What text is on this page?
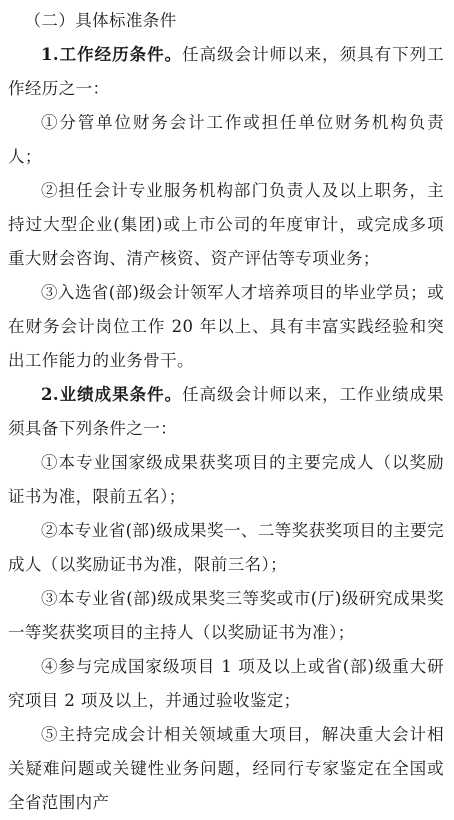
（二）具体标准条件

1.工作经历条件。任高级会计师以来，须具有下列工作经历之一：

①分管单位财务会计工作或担任单位财务机构负责人；

②担任会计专业服务机构部门负责人及以上职务，主持过大型企业(集团)或上市公司的年度审计，或完成多项重大财会咨询、清产核资、资产评估等专项业务；

③入选省(部)级会计领军人才培养项目的毕业学员；或在财务会计岗位工作 20 年以上、具有丰富实践经验和突出工作能力的业务骨干。

2.业绩成果条件。任高级会计师以来，工作业绩成果须具备下列条件之一：

①本专业国家级成果获奖项目的主要完成人（以奖励证书为准，限前五名）；

②本专业省(部)级成果奖一、二等奖获奖项目的主要完成人（以奖励证书为准，限前三名）；

③本专业省(部)级成果奖三等奖或市(厅)级研究成果奖一等奖获奖项目的主持人（以奖励证书为准）；

④参与完成国家级项目 1 项及以上或省(部)级重大研究项目 2 项及以上，并通过验收鉴定；

⑤主持完成会计相关领域重大项目，解决重大会计相关疑难问题或关键性业务问题，经同行专家鉴定在全国或全省范围内产
